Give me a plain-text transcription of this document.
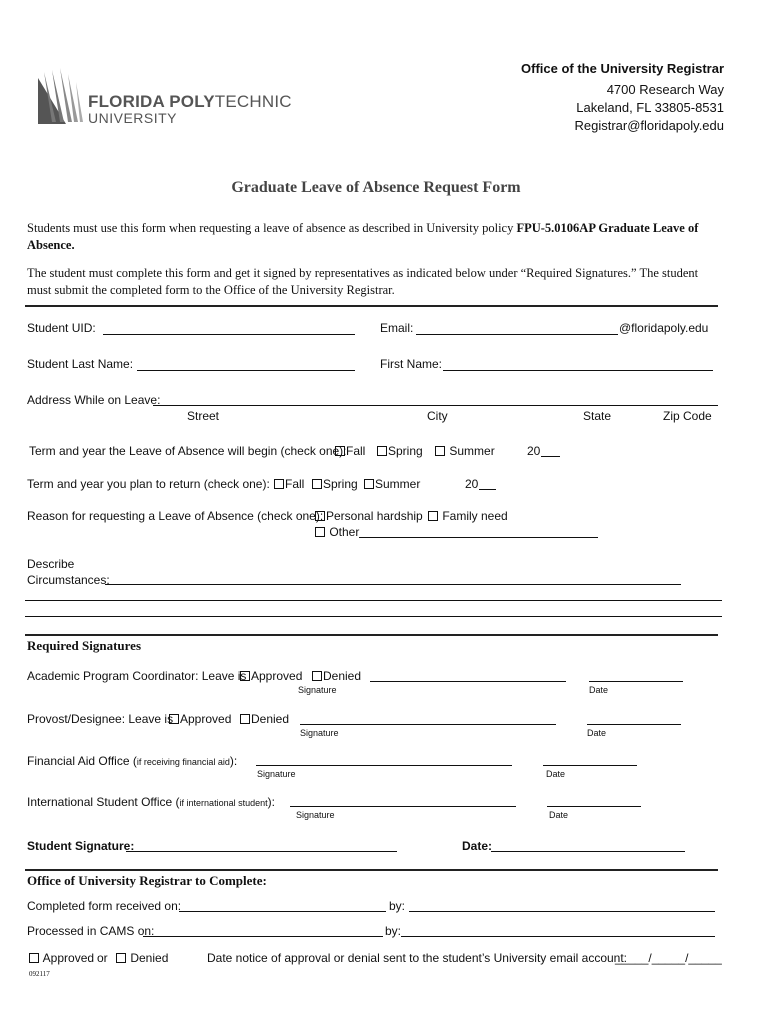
FLORIDA POLYTECHNIC
UNIVERSITY
Office of the University Registrar
4700 Research Way
Lakeland, FL 33805-8531
Registrar@floridapoly.edu
Graduate Leave of Absence Request Form
Students must use this form when requesting a leave of absence as described in University policy FPU-5.0106AP Graduate Leave of Absence.
The student must complete this form and get it signed by representatives as indicated below under “Required Signatures.” The student must submit the completed form to the Office of the University Registrar.
Student UID:	Email:	@floridapoly.edu
Student Last Name:	First Name:
Address While on Leave:
Street	City	State	Zip Code
Term and year the Leave of Absence will begin (check one): Fall	Spring	Summer	20
Term and year you plan to return (check one):	Fall	Spring	Summer	20
Reason for requesting a Leave of Absence (check one): Personal hardship	Family need
Other
Describe
Circumstances:
Required Signatures
Academic Program Coordinator: Leave is Approved	Denied
Signature	Date
Provost/Designee: Leave is Approved	Denied
Signature	Date
Financial Aid Office (if receiving financial aid):
Signature	Date
International Student Office (if international student):
Signature	Date
Student Signature:	Date:
Office of University Registrar to Complete:
Completed form received on:	by:
Processed in CAMS on:	by:
Approved or	Denied	Date notice of approval or denial sent to the student’s University email account:
_____/_____/_____
092117
